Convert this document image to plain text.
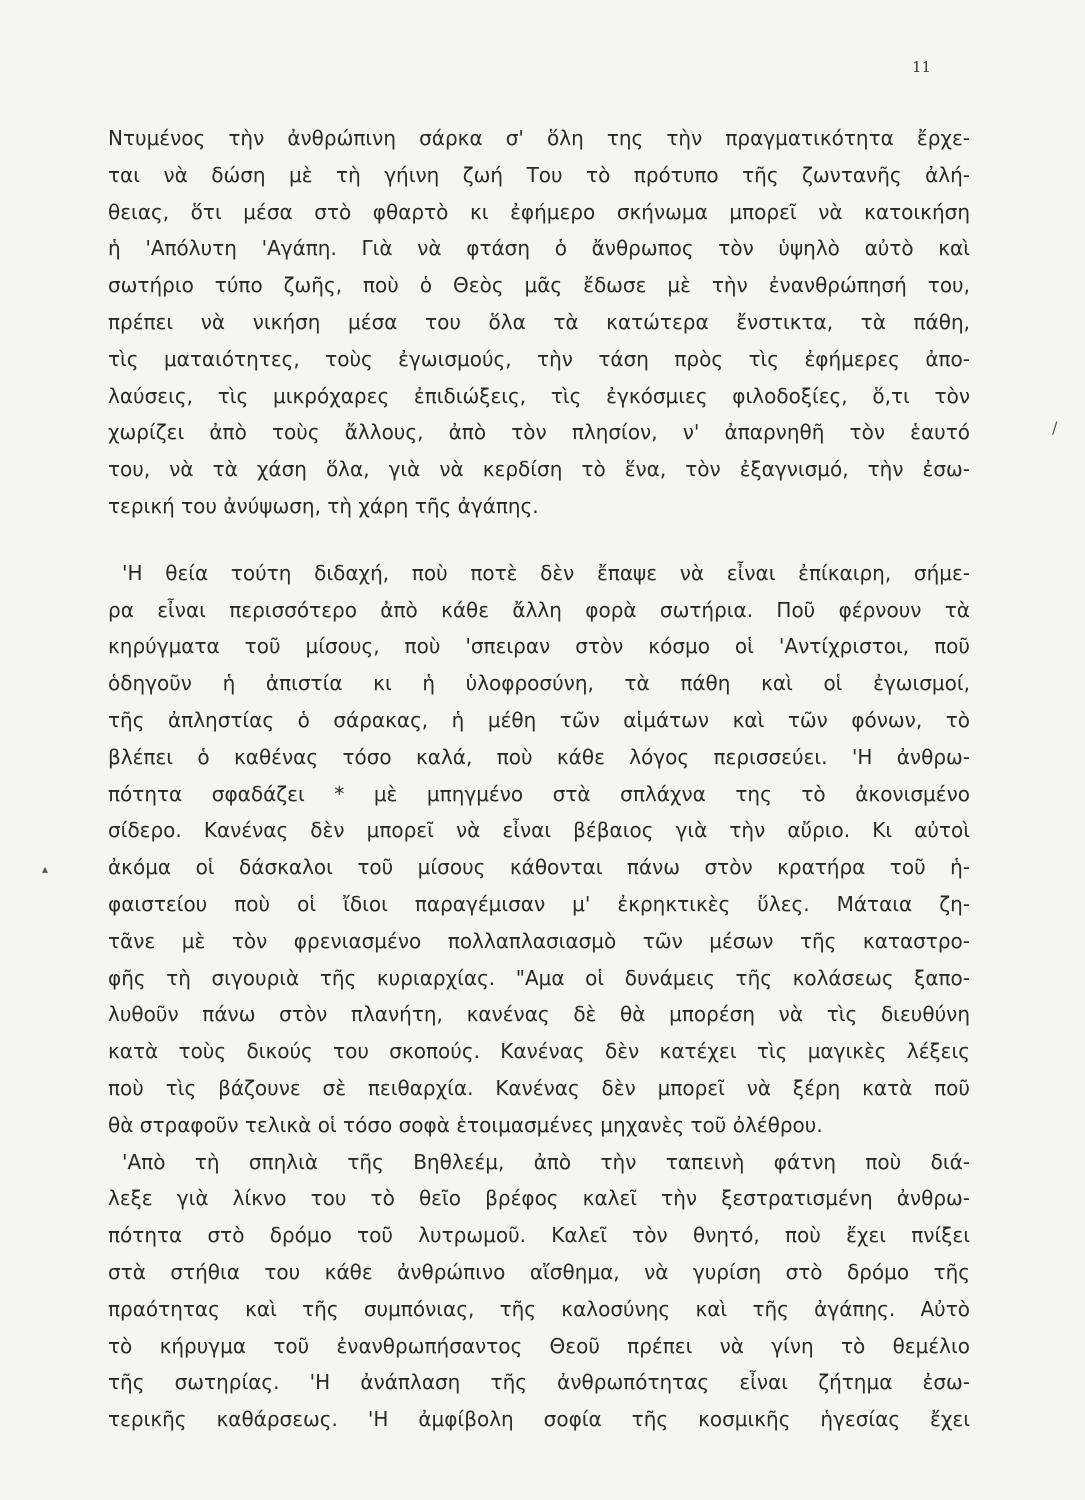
11
Ντυμένος τὴν ἀνθρώπινη σάρκα σ' ὅλη της τὴν πραγματικότητα ἔρχε-
ται νὰ δώση μὲ τὴ γήινη ζωή Του τὸ πρότυπο τῆς ζωντανῆς ἀλή-
θειας, ὅτι μέσα στὸ φθαρτὸ κι ἐφήμερο σκήνωμα μπορεῖ νὰ κατοικήση
ἡ 'Απόλυτη 'Αγάπη. Γιὰ νὰ φτάση ὁ ἄνθρωπος τὸν ὑψηλὸ αὐτὸ καὶ
σωτήριο τύπο ζωῆς, ποὺ ὁ Θεὸς μᾶς ἔδωσε μὲ τὴν ἐνανθρώπησή του,
πρέπει νὰ νικήση μέσα του ὅλα τὰ κατώτερα ἔνστικτα, τὰ πάθη,
τὶς ματαιότητες, τοὺς ἐγωισμούς, τὴν τάση πρὸς τὶς ἐφήμερες ἀπο-
λαύσεις, τὶς μικρόχαρες ἐπιδιώξεις, τὶς ἐγκόσμιες φιλοδοξίες, ὅ,τι τὸν
χωρίζει ἀπὸ τοὺς ἄλλους, ἀπὸ τὸν πλησίον, ν' ἀπαρνηθῆ τὸν ἑαυτό
του, νὰ τὰ χάση ὅλα, γιὰ νὰ κερδίση τὸ ἕνα, τὸν ἐξαγνισμό, τὴν ἐσω-
τερική του ἀνύψωση, τὴ χάρη τῆς ἀγάπης.
'Η θεία τούτη διδαχή, ποὺ ποτὲ δὲν ἔπαψε νὰ εἶναι ἐπίκαιρη, σήμε-
ρα εἶναι περισσότερο ἀπὸ κάθε ἄλλη φορὰ σωτήρια. Ποῦ φέρνουν τὰ
κηρύγματα τοῦ μίσους, ποὺ 'σπειραν στὸν κόσμο οἱ 'Αντίχριστοι, ποῦ
ὁδηγοῦν ἡ ἀπιστία κι ἡ ὑλοφροσύνη, τὰ πάθη καὶ οἱ ἐγωισμοί,
τῆς ἀπληστίας ὁ σάρακας, ἡ μέθη τῶν αἱμάτων καὶ τῶν φόνων, τὸ
βλέπει ὁ καθένας τόσο καλά, ποὺ κάθε λόγος περισσεύει. 'Η ἀνθρω-
πότητα σφαδάζει * μὲ μπηγμένο στὰ σπλάχνα της τὸ ἀκονισμένο
σίδερο. Κανένας δὲν μπορεῖ νὰ εἶναι βέβαιος γιὰ τὴν αὔριο. Κι αὐτοὶ
ἀκόμα οἱ δάσκαλοι τοῦ μίσους κάθονται πάνω στὸν κρατήρα τοῦ ἡ-
φαιστείου ποὺ οἱ ἴδιοι παραγέμισαν μ' ἐκρηκτικὲς ὕλες. Μάταια ζη-
τᾶνε μὲ τὸν φρενιασμένο πολλαπλασιασμὸ τῶν μέσων τῆς καταστρο-
φῆς τὴ σιγουριὰ τῆς κυριαρχίας. "Αμα οἱ δυνάμεις τῆς κολάσεως ξαπο-
λυθοῦν πάνω στὸν πλανήτη, κανένας δὲ θὰ μπορέση νὰ τὶς διευθύνη
κατὰ τοὺς δικούς του σκοπούς. Κανένας δὲν κατέχει τὶς μαγικὲς λέξεις
ποὺ τὶς βάζουνε σὲ πειθαρχία. Κανένας δὲν μπορεῖ νὰ ξέρη κατὰ ποῦ
θὰ στραφοῦν τελικὰ οἱ τόσο σοφὰ ἑτοιμασμένες μηχανὲς τοῦ ὀλέθρου.
'Απὸ τὴ σπηλιὰ τῆς Βηθλεέμ, ἀπὸ τὴν ταπεινὴ φάτνη ποὺ διά-
λεξε γιὰ λίκνο του τὸ θεῖο βρέφος καλεῖ τὴν ξεστρατισμένη ἀνθρω-
πότητα στὸ δρόμο τοῦ λυτρωμοῦ. Καλεῖ τὸν θνητό, ποὺ ἔχει πνίξει
στὰ στήθια του κάθε ἀνθρώπινο αἴσθημα, νὰ γυρίση στὸ δρόμο τῆς
πραότητας καὶ τῆς συμπόνιας, τῆς καλοσύνης καὶ τῆς ἀγάπης. Αὐτὸ
τὸ κήρυγμα τοῦ ἐνανθρωπήσαντος Θεοῦ πρέπει νὰ γίνη τὸ θεμέλιο
τῆς σωτηρίας. 'Η ἀνάπλαση τῆς ἀνθρωπότητας εἶναι ζήτημα ἐσω-
τερικῆς καθάρσεως. 'Η ἀμφίβολη σοφία τῆς κοσμικῆς ἡγεσίας ἔχει
/
▴
